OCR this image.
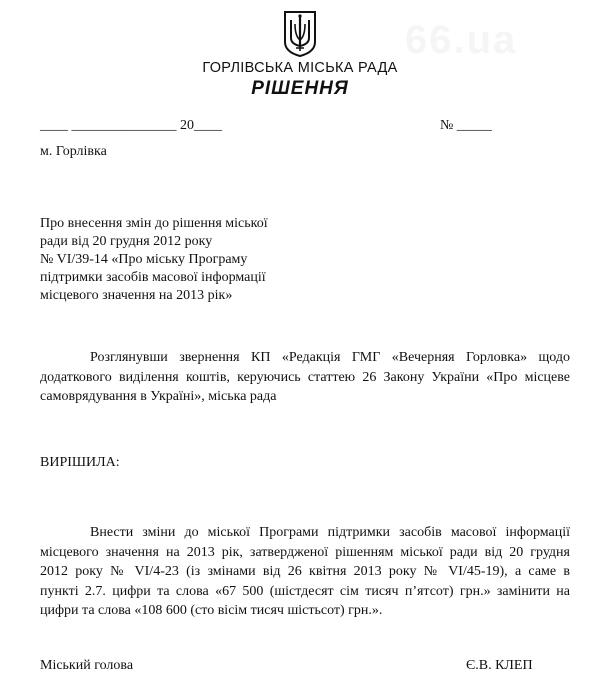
66.ua
ГОРЛІВСЬКА МІСЬКА РАДА
РІШЕННЯ
____ _______________ 20____	№ _____
м. Горлівка
Про внесення змін до рішення міської
ради від 20 грудня 2012 року
№ VI/39-14 «Про міську Програму
підтримки засобів масової інформації
місцевого значення на 2013 рік»
Розглянувши звернення КП «Редакція ГМГ «Вечерняя Горловка» щодо
додаткового виділення коштів, керуючись статтею 26 Закону України «Про місцеве
самоврядування в Україні», міська рада
ВИРІШИЛА:
Внести зміни до міської Програми підтримки засобів масової інформації
місцевого значення на 2013 рік, затвердженої рішенням міської ради від 20 грудня
2012 року № VI/4-23 (із змінами від 26 квітня 2013 року № VI/45-19), а саме в
пункті 2.7. цифри та слова «67 500 (шістдесят сім тисяч п’ятсот) грн.» замінити на
цифри та слова «108 600 (сто вісім тисяч шістьсот) грн.».
Міський голова	Є.В. КЛЕП
